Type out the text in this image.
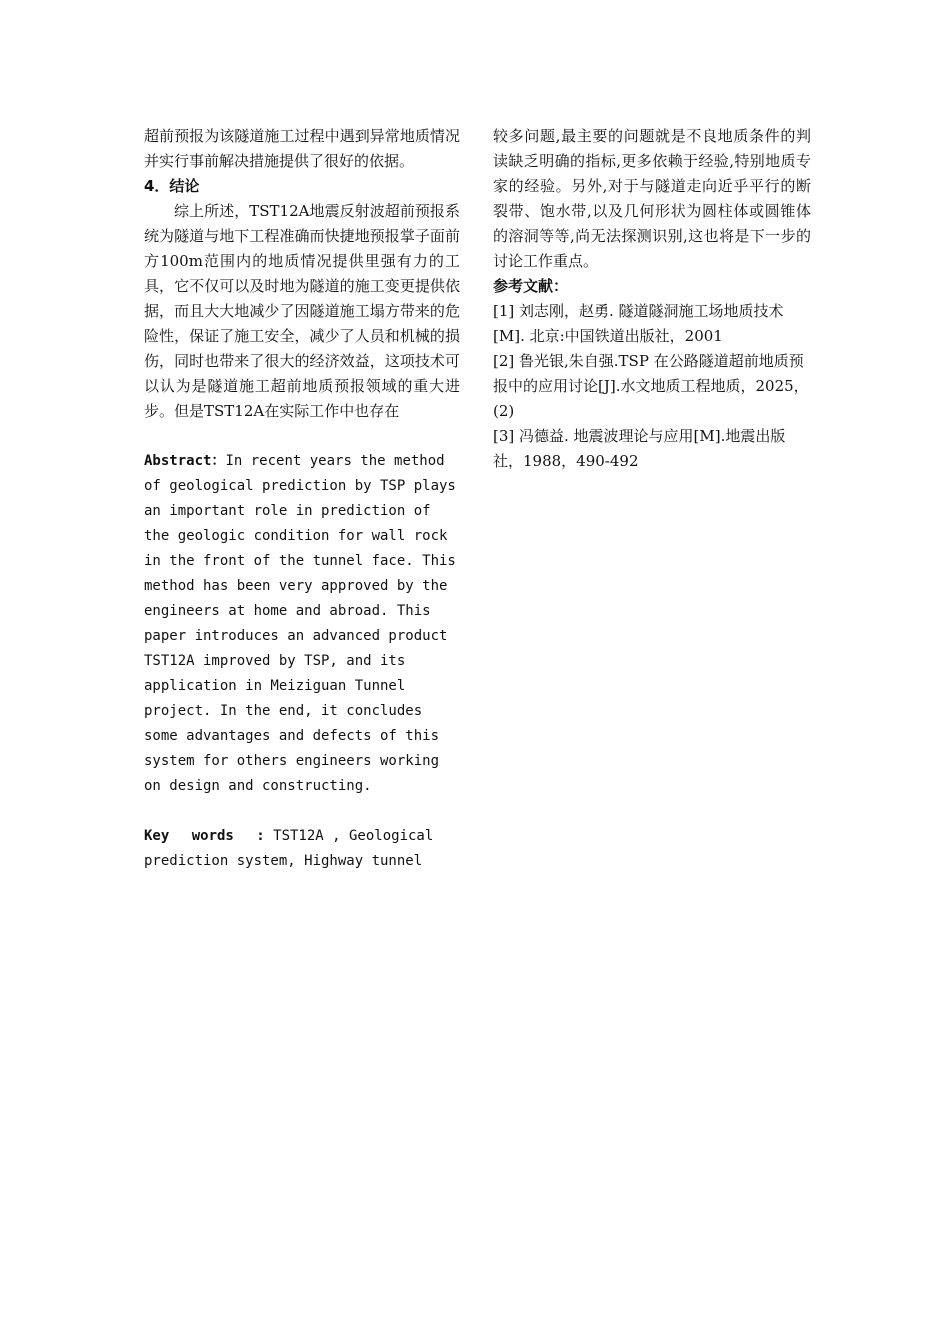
超前预报为该隧道施工过程中遇到异常地质情况并实行事前解决措施提供了很好的依据。

4．结论

综上所述，TST12A地震反射波超前预报系统为隧道与地下工程准确而快捷地预报掌子面前方100m范围内的地质情况提供里强有力的工具，它不仅可以及时地为隧道的施工变更提供依据，而且大大地减少了因隧道施工塌方带来的危险性，保证了施工安全，减少了人员和机械的损伤，同时也带来了很大的经济效益，这项技术可以认为是隧道施工超前地质预报领域的重大进步。但是TST12A在实际工作中也存在

Abstract：In recent years the method of geological prediction by TSP plays an important role in prediction of the geologic condition for wall rock in the front of the tunnel face. This method has been very approved by the engineers at home and abroad. This paper introduces an advanced product TST12A improved by TSP, and its application in Meiziguan Tunnel project. In the end, it concludes some advantages and defects of this system for others engineers working on design and constructing.

Key words : TST12A , Geological prediction system, Highway tunnel

较多问题,最主要的问题就是不良地质条件的判读缺乏明确的指标,更多依赖于经验,特别地质专家的经验。另外,对于与隧道走向近乎平行的断裂带、饱水带,以及几何形状为圆柱体或圆锥体的溶洞等等,尚无法探测识别,这也将是下一步的讨论工作重点。

参考文献：

[1] 刘志刚，赵勇. 隧道隧洞施工场地质技术[M]. 北京:中国铁道出版社，2001

[2] 鲁光银,朱自强.TSP 在公路隧道超前地质预报中的应用讨论[J].水文地质工程地质，2025，(2)

[3] 冯德益. 地震波理论与应用[M].地震出版社，1988，490-492
